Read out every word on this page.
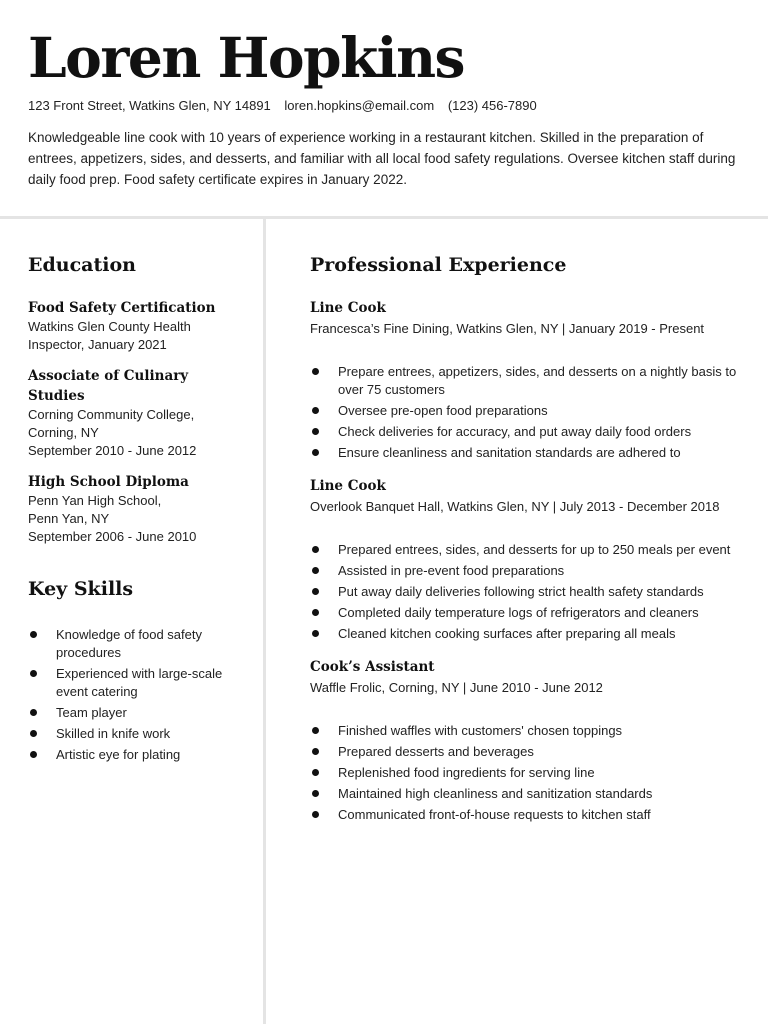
Loren Hopkins
123 Front Street, Watkins Glen, NY 14891 loren.hopkins@email.com (123) 456-7890

Knowledgeable line cook with 10 years of experience working in a restaurant kitchen. Skilled in the preparation of entrees, appetizers, sides, and desserts, and familiar with all local food safety regulations. Oversee kitchen staff during daily food prep. Food safety certificate expires in January 2022.

Education
Food Safety Certification
Watkins Glen County Health
Inspector, January 2021
Associate of Culinary Studies
Corning Community College,
Corning, NY
September 2010 - June 2012
High School Diploma
Penn Yan High School,
Penn Yan, NY
September 2006 - June 2010
Key Skills
Knowledge of food safety procedures
Experienced with large-scale event catering
Team player
Skilled in knife work
Artistic eye for plating
Professional Experience
Line Cook
Francesca’s Fine Dining, Watkins Glen, NY | January 2019 - Present
Prepare entrees, appetizers, sides, and desserts on a nightly basis to over 75 customers
Oversee pre-open food preparations
Check deliveries for accuracy, and put away daily food orders
Ensure cleanliness and sanitation standards are adhered to
Line Cook
Overlook Banquet Hall, Watkins Glen, NY | July 2013 - December 2018
Prepared entrees, sides, and desserts for up to 250 meals per event
Assisted in pre-event food preparations
Put away daily deliveries following strict health safety standards
Completed daily temperature logs of refrigerators and cleaners
Cleaned kitchen cooking surfaces after preparing all meals
Cook’s Assistant
Waffle Frolic, Corning, NY | June 2010 - June 2012
Finished waffles with customers' chosen toppings
Prepared desserts and beverages
Replenished food ingredients for serving line
Maintained high cleanliness and sanitization standards
Communicated front-of-house requests to kitchen staff
